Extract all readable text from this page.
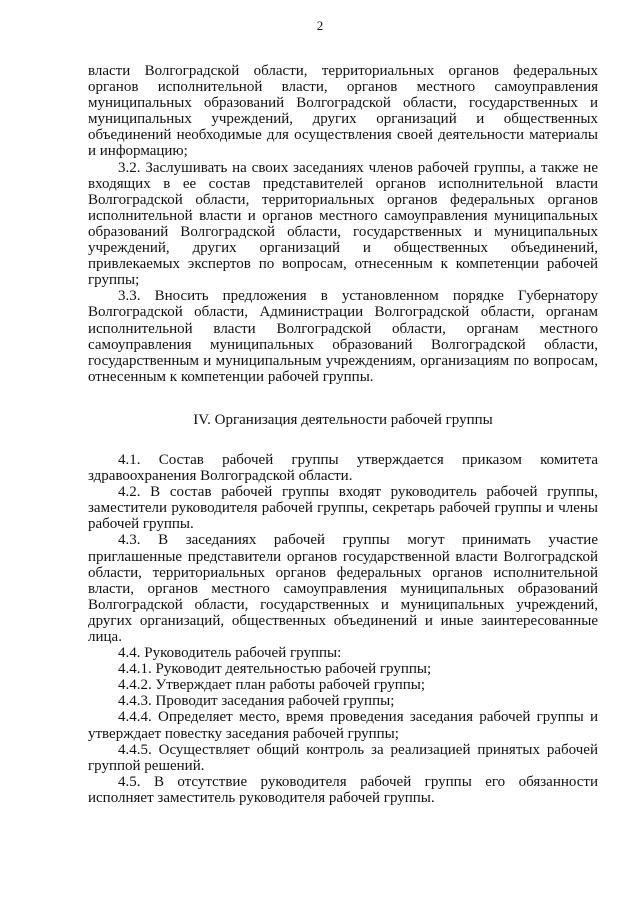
2

власти Волгоградской области, территориальных органов федеральных органов исполнительной власти, органов местного самоуправления муниципальных образований Волгоградской области, государственных и муниципальных учреждений, других организаций и общественных объединений необходимые для осуществления своей деятельности материалы и информацию;

3.2. Заслушивать на своих заседаниях членов рабочей группы, а также не входящих в ее состав представителей органов исполнительной власти Волгоградской области, территориальных органов федеральных органов исполнительной власти и органов местного самоуправления муниципальных образований Волгоградской области, государственных и муниципальных учреждений, других организаций и общественных объединений, привлекаемых экспертов по вопросам, отнесенным к компетенции рабочей группы;

3.3. Вносить предложения в установленном порядке Губернатору Волгоградской области, Администрации Волгоградской области, органам исполнительной власти Волгоградской области, органам местного самоуправления муниципальных образований Волгоградской области, государственным и муниципальным учреждениям, организациям по вопросам, отнесенным к компетенции рабочей группы.

IV. Организация деятельности рабочей группы

4.1. Состав рабочей группы утверждается приказом комитета здравоохранения Волгоградской области.

4.2. В состав рабочей группы входят руководитель рабочей группы, заместители руководителя рабочей группы, секретарь рабочей группы и члены рабочей группы.

4.3. В заседаниях рабочей группы могут принимать участие приглашенные представители органов государственной власти Волгоградской области, территориальных органов федеральных органов исполнительной власти, органов местного самоуправления муниципальных образований Волгоградской области, государственных и муниципальных учреждений, других организаций, общественных объединений и иные заинтересованные лица.

4.4. Руководитель рабочей группы:

4.4.1. Руководит деятельностью рабочей группы;

4.4.2. Утверждает план работы рабочей группы;

4.4.3. Проводит заседания рабочей группы;

4.4.4. Определяет место, время проведения заседания рабочей группы и утверждает повестку заседания рабочей группы;

4.4.5. Осуществляет общий контроль за реализацией принятых рабочей группой решений.

4.5. В отсутствие руководителя рабочей группы его обязанности исполняет заместитель руководителя рабочей группы.
